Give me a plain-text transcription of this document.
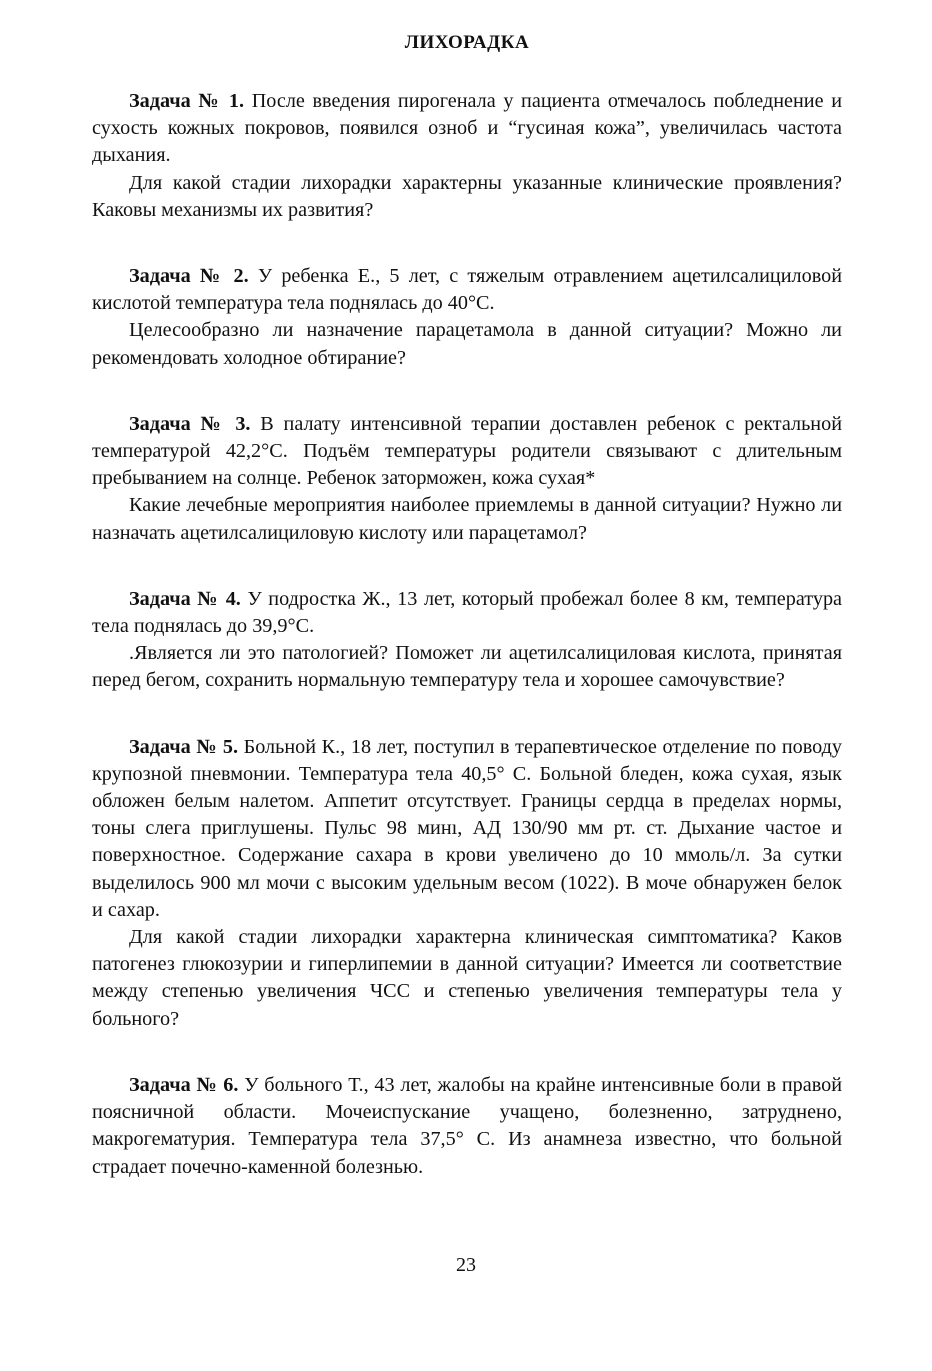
ЛИХОРАДКА

Задача № 1. После введения пирогенала у пациента отмечалось побледнение и сухость кожных покровов, появился озноб и “гусиная кожа”, увеличилась частота дыхания.

Для какой стадии лихорадки характерны указанные клинические проявления? Каковы механизмы их развития?

Задача № 2. У ребенка Е., 5 лет, с тяжелым отравлением ацетилсалициловой кислотой температура тела поднялась до 40°С.

Целесообразно ли назначение парацетамола в данной ситуации? Можно ли рекомендовать холодное обтирание?

Задача № 3. В палату интенсивной терапии доставлен ребенок с ректальной температурой 42,2°С. Подъём температуры родители связывают с длительным пребыванием на солнце. Ребенок заторможен, кожа сухая*

Какие лечебные мероприятия наиболее приемлемы в данной ситуации? Нужно ли назначать ацетилсалициловую кислоту или парацетамол?

Задача № 4. У подростка Ж., 13 лет, который пробежал более 8 км, температура тела поднялась до 39,9°С.

.Является ли это патологией? Поможет ли ацетилсалициловая кислота, принятая перед бегом, сохранить нормальную температуру тела и хорошее самочувствие?

Задача № 5. Больной К., 18 лет, поступил в терапевтическое отделение по поводу крупозной пневмонии. Температура тела 40,5° С. Больной бледен, кожа сухая, язык обложен белым налетом. Аппетит отсутствует. Границы сердца в пределах нормы, тоны слега приглушены. Пульс 98 минı, АД 130/90 мм рт. ст. Дыхание частое и поверхностное. Содержание сахара в крови увеличено до 10 ммоль/л. За сутки выделилось 900 мл мочи с высоким удельным весом (1022). В моче обнаружен белок и сахар.

Для какой стадии лихорадки характерна клиническая симптоматика? Каков патогенез глюкозурии и гиперлипемии в данной ситуации? Имеется ли соответствие между степенью увеличения ЧСС и степенью увеличения температуры тела у больного?

Задача № 6. У больного Т., 43 лет, жалобы на крайне интенсивные боли в правой поясничной области. Мочеиспускание учащено, болезненно, затруднено, макрогематурия. Температура тела 37,5° С. Из анамнеза известно, что больной страдает почечно-каменной болезнью.

23
